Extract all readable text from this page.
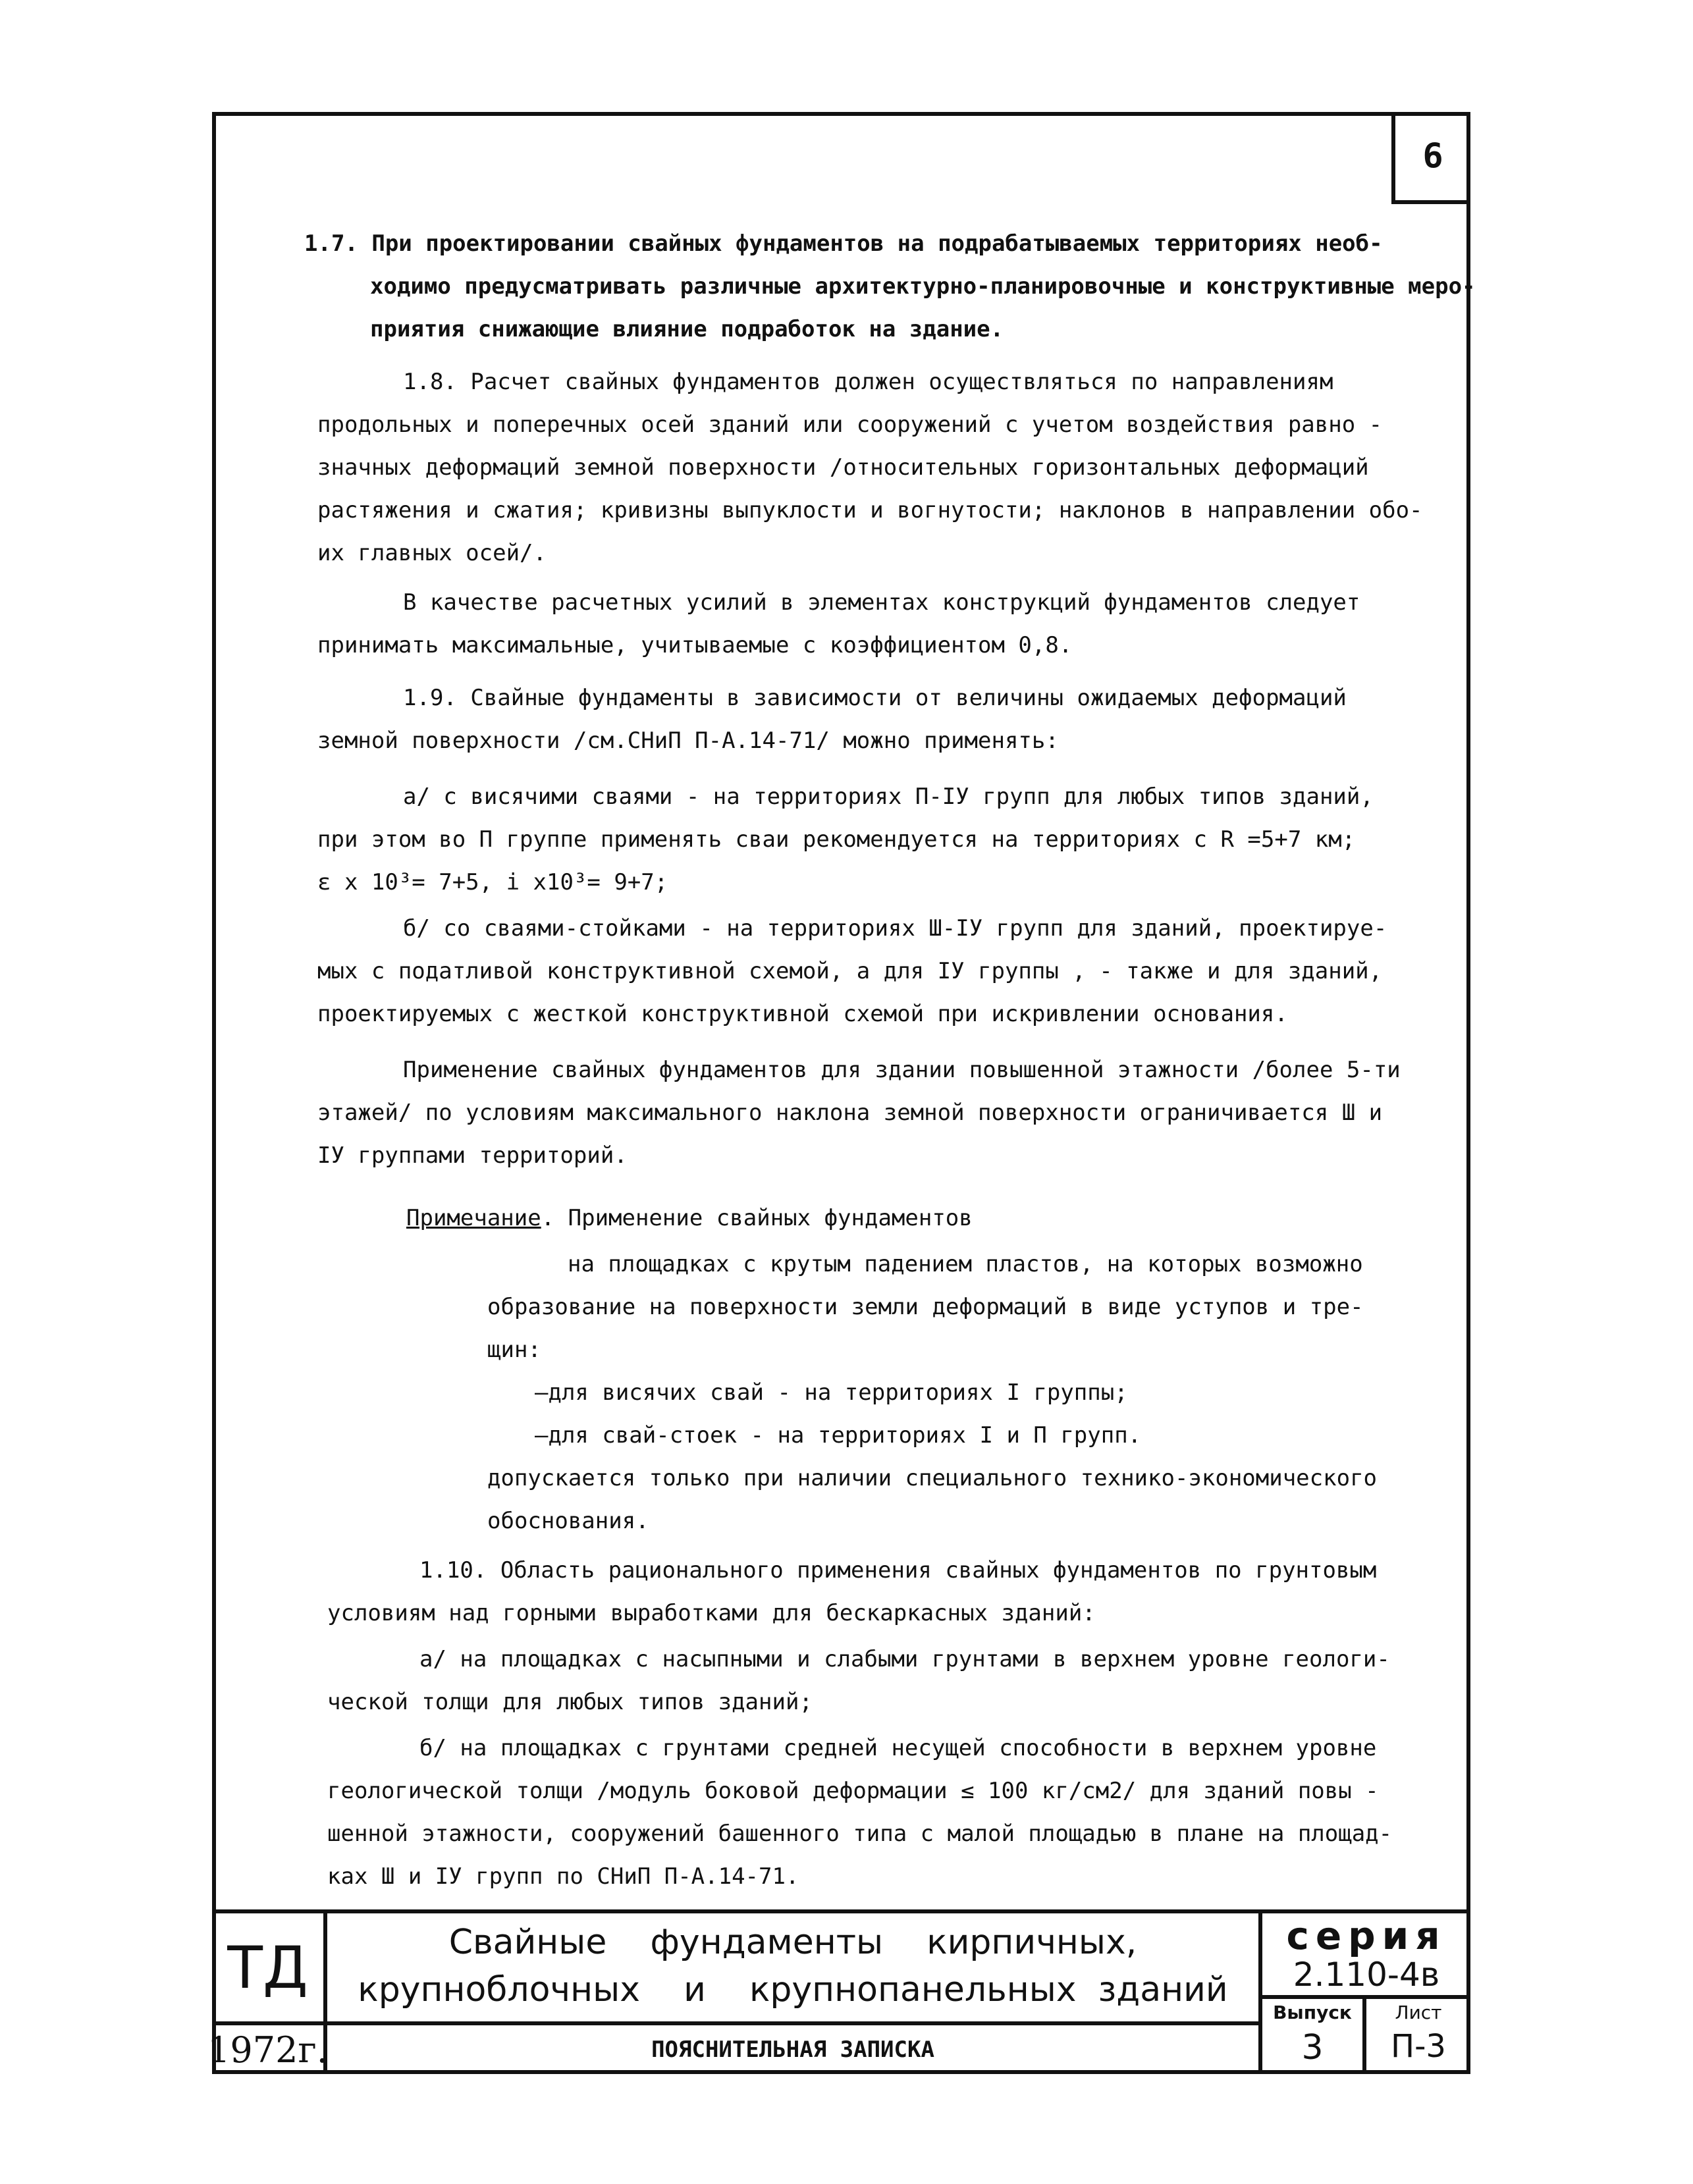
6
1.7. При проектировании свайных фундаментов на подрабатываемых территориях необ-
ходимо предусматривать различные архитектурно-планировочные и конструктивные меро-
приятия снижающие влияние подработок на здание.
1.8. Расчет свайных фундаментов должен осуществляться по направлениям
продольных и поперечных осей зданий или сооружений с учетом воздействия равно -
значных деформаций земной поверхности /относительных горизонтальных деформаций
растяжения и сжатия; кривизны выпуклости и вогнутости; наклонов в направлении обо-
их главных осей/.
В качестве расчетных усилий в элементах конструкций фундаментов следует
принимать максимальные, учитываемые с коэффициентом 0,8.
1.9. Свайные фундаменты в зависимости от величины ожидаемых деформаций
земной поверхности /см.СНиП П-А.14-71/ можно применять:
а/ с висячими сваями - на территориях П-IУ групп для любых типов зданий,
при этом во П группе применять сваи рекомендуется на территориях с R =5+7 км;
ε х 10³= 7+5, i х10³= 9+7;
б/ со сваями-стойками - на территориях Ш-IУ групп для зданий, проектируе-
мых с податливой конструктивной схемой, а для IУ группы , - также и для зданий,
проектируемых с жесткой конструктивной схемой при искривлении основания.
Применение свайных фундаментов для здании повышенной этажности /более 5-ти
этажей/ по условиям максимального наклона земной поверхности ограничивается Ш и
IУ группами территорий.
Примечание. Применение свайных фундаментов
на площадках с крутым падением пластов, на которых возможно
образование на поверхности земли деформаций в виде уступов и тре-
щин:
–для висячих свай - на территориях I группы;
–для свай-стоек - на территориях I и П групп.
допускается только при наличии специального технико-экономического
обоснования.
1.10. Область рационального применения свайных фундаментов по грунтовым
условиям над горными выработками для бескаркасных зданий:
а/ на площадках с насыпными и слабыми грунтами в верхнем уровне геологи-
ческой толщи для любых типов зданий;
б/ на площадках с грунтами средней несущей способности в верхнем уровне
геологической толщи /модуль боковой деформации ≤ 100 кг/см2/ для зданий повы -
шенной этажности, сооружений башенного типа с малой площадью в плане на площад-
ках Ш и IУ групп по СНиП П-А.14-71.
ТД
1972г.
Свайные    фундаменты    кирпичных,
крупноблочных    и    крупнопанельных  зданий
ПОЯСНИТЕЛЬНАЯ ЗАПИСКА
серия
2.110-4в
Выпуск
3
Лист
П-3
